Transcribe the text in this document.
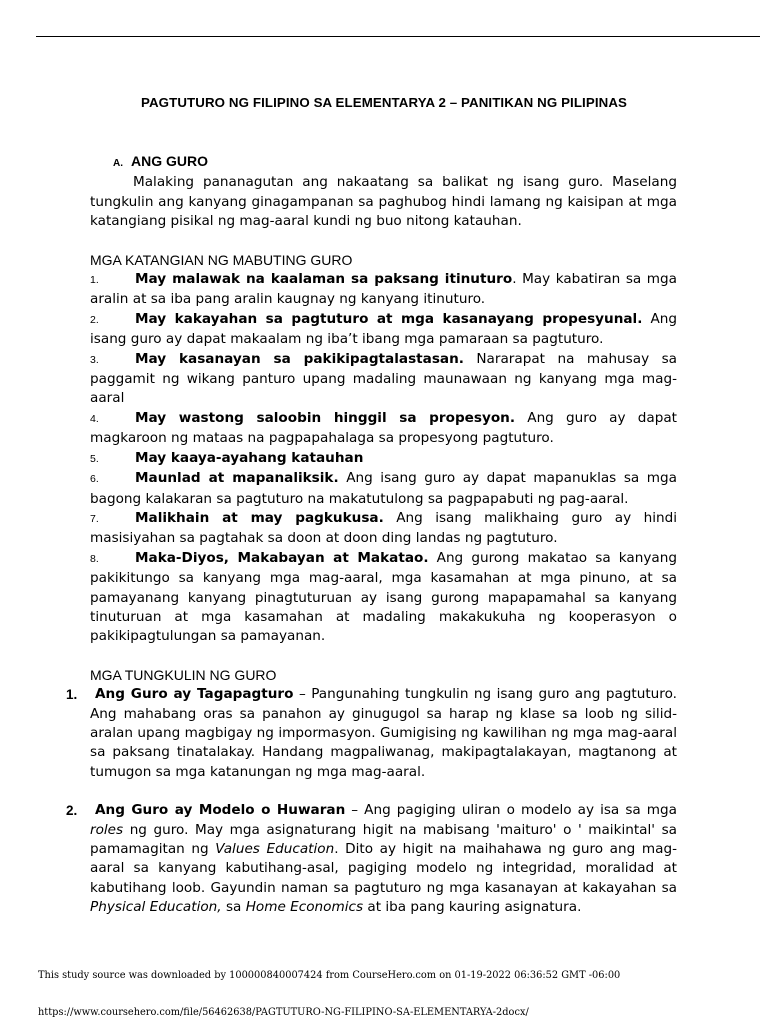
PAGTUTURO NG FILIPINO SA ELEMENTARYA 2 – PANITIKAN NG PILIPINAS
A. ANG GURO

Malaking pananagutan ang nakaatang sa balikat ng isang guro. Maselang tungkulin ang kanyang ginagampanan sa paghubog hindi lamang ng kaisipan at mga katangiang pisikal ng mag-aaral kundi ng buo nitong katauhan.

MGA KATANGIAN NG MABUTING GURO

1.	May malawak na kaalaman sa paksang itinuturo. May kabatiran sa mga aralin at sa iba pang aralin kaugnay ng kanyang itinuturo.

2.	May kakayahan sa pagtuturo at mga kasanayang propesyunal. Ang isang guro ay dapat makaalam ng iba’t ibang mga pamaraan sa pagtuturo.

3.	May kasanayan sa pakikipagtalastasan. Nararapat na mahusay sa paggamit ng wikang panturo upang madaling maunawaan ng kanyang mga mag-aaral

4.	May wastong saloobin hinggil sa propesyon. Ang guro ay dapat magkaroon ng mataas na pagpapahalaga sa propesyong pagtuturo.

5.	May kaaya-ayahang katauhan

6.	Maunlad at mapanaliksik. Ang isang guro ay dapat mapanuklas sa mga bagong kalakaran sa pagtuturo na makatutulong sa pagpapabuti ng pag-aaral.

7.	Malikhain at may pagkukusa. Ang isang malikhaing guro ay hindi masisiyahan sa pagtahak sa doon at doon ding landas ng pagtuturo.

8.	Maka-Diyos, Makabayan at Makatao. Ang gurong makatao sa kanyang pakikitungo sa kanyang mga mag-aaral, mga kasamahan at mga pinuno, at sa pamayanang kanyang pinagtuturuan ay isang gurong mapapamahal sa kanyang tinuturuan at mga kasamahan at madaling makakukuha ng kooperasyon o pakikipagtulungan sa pamayanan.

MGA TUNGKULIN NG GURO

1. Ang Guro ay Tagapagturo – Pangunahing tungkulin ng isang guro ang pagtuturo. Ang mahabang oras sa panahon ay ginugugol sa harap ng klase sa loob ng silid-aralan upang magbigay ng impormasyon. Gumigising ng kawilihan ng mga mag-aaral sa paksang tinatalakay. Handang magpaliwanag, makipagtalakayan, magtanong at tumugon sa mga katanungan ng mga mag-aaral.

2. Ang Guro ay Modelo o Huwaran – Ang pagiging uliran o modelo ay isa sa mga roles ng guro. May mga asignaturang higit na mabisang 'maituro' o ' maikintal' sa pamamagitan ng Values Education. Dito ay higit na maihahawa ng guro ang mag-aaral sa kanyang kabutihang-asal, pagiging modelo ng integridad, moralidad at kabutihang loob. Gayundin naman sa pagtuturo ng mga kasanayan at kakayahan sa Physical Education, sa Home Economics at iba pang kauring asignatura.

This study source was downloaded by 100000840007424 from CourseHero.com on 01-19-2022 06:36:52 GMT -06:00
https://www.coursehero.com/file/56462638/PAGTUTURO-NG-FILIPINO-SA-ELEMENTARYA-2docx/
